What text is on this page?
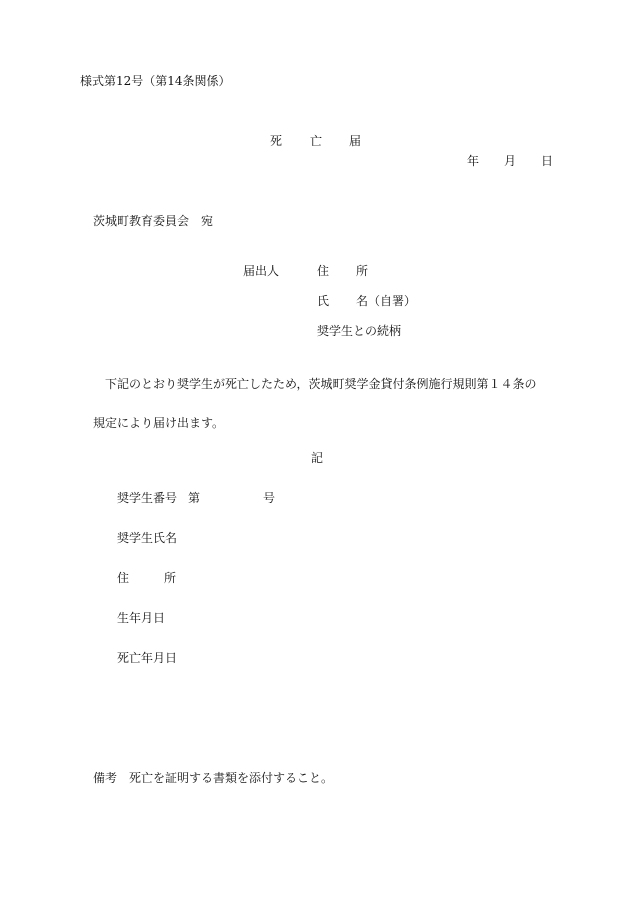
様式第12号（第14条関係）
死 亡 届
年 月 日
茨城町教育委員会　宛
届出人	住 所
氏 名（自署）
奨学生との続柄
下記のとおり奨学生が死亡したため，茨城町奨学金貸付条例施行規則第１４条の
規定により届け出ます。
記
奨学生番号 第	号
奨学生氏名
住	所
生年月日
死亡年月日
備考　死亡を証明する書類を添付すること。
